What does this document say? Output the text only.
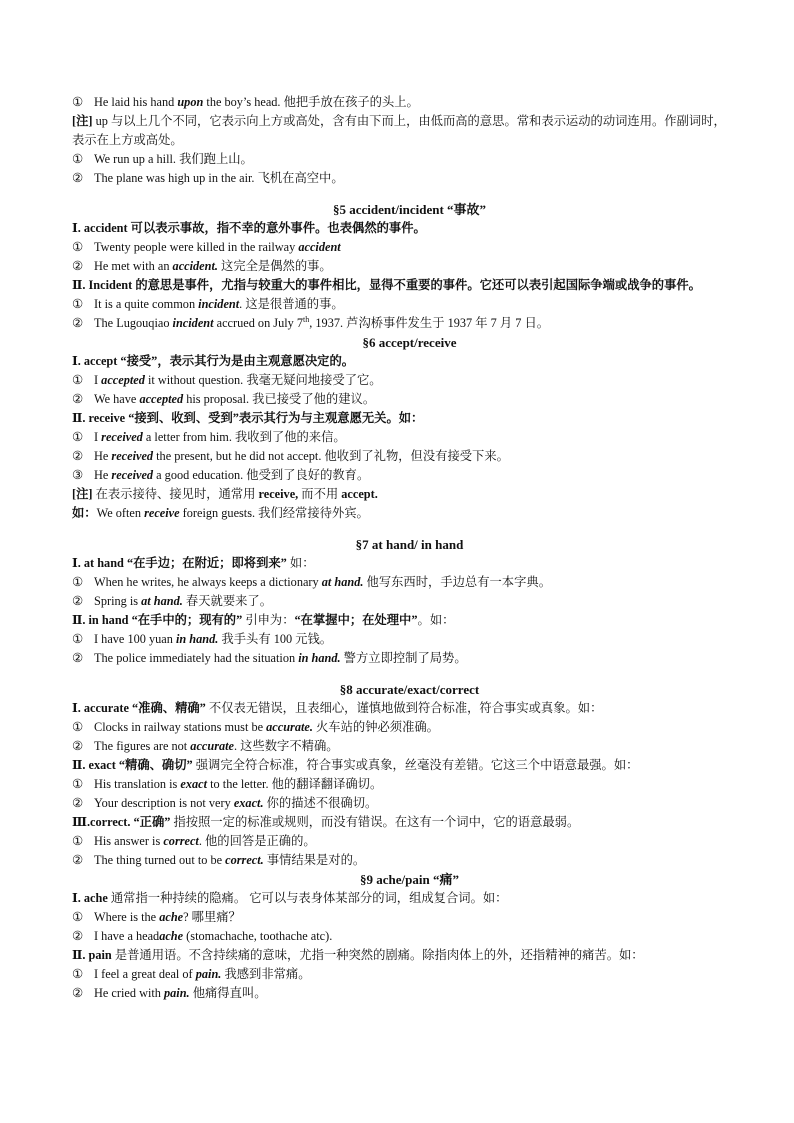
① He laid his hand upon the boy’s head. 他把手放在孩子的头上。
[注] up 与以上几个不同，它表示向上方或高处，含有由下而上，由低而高的意思。常和表示运动的动词连用。作副词时，表示在上方或高处。
① We run up a hill. 我们跑上山。
② The plane was high up in the air. 飞机在高空中。
§5 accident/incident “事故”
Ⅰ. accident 可以表示事故，指不幸的意外事件。也表偶然的事件。
① Twenty people were killed in the railway accident
② He met with an accident. 这完全是偶然的事。
Ⅱ. Incident 的意思是事件，尤指与较重大的事件相比，显得不重要的事件。它还可以表引起国际争端或战争的事件。
① It is a quite common incident. 这是很普通的事。
② The Lugouqiao incident accrued on July 7th, 1937. 芦沟桥事件发生于 1937 年 7 月 7 日。
§6 accept/receive
Ⅰ. accept “接受”，表示其行为是由主观意愿决定的。
① I accepted it without question. 我毫无疑问地接受了它。
② We have accepted his proposal. 我已接受了他的建议。
Ⅱ. receive “接到、收到、受到”表示其行为与主观意愿无关。如：
① I received a letter from him. 我收到了他的来信。
② He received the present, but he did not accept. 他收到了礼物，但没有接受下来。
③ He received a good education. 他受到了良好的教育。
[注] 在表示接待、接见时，通常用 receive, 而不用 accept.
如：We often receive foreign guests. 我们经常接待外宾。
§7 at hand/ in hand
Ⅰ. at hand “在手边；在附近；即将到来” 如：
① When he writes, he always keeps a dictionary at hand. 他写东西时，手边总有一本字典。
② Spring is at hand. 春天就要来了。
Ⅱ. in hand “在手中的；现有的” 引申为：“在掌握中；在处理中”。如：
① I have 100 yuan in hand. 我手头有 100 元钱。
② The police immediately had the situation in hand. 警方立即控制了局势。
§8 accurate/exact/correct
Ⅰ. accurate “准确、精确” 不仅表无错误，且表细心，谨慎地做到符合标准，符合事实或真象。如：
① Clocks in railway stations must be accurate. 火车站的钟必须准确。
② The figures are not accurate. 这些数字不精确。
Ⅱ. exact “精确、确切” 强调完全符合标准，符合事实或真象，丝毫没有差错。它这三个中语意最强。如：
① His translation is exact to the letter. 他的翻译翻译确切。
② Your description is not very exact. 你的描述不很确切。
Ⅲ.correct. “正确” 指按照一定的标准或规则，而没有错误。在这有一个词中，它的语意最弱。
① His answer is correct. 他的回答是正确的。
② The thing turned out to be correct. 事情结果是对的。
§9 ache/pain “痛”
Ⅰ. ache 通常指一种持续的隐痛。 它可以与表身体某部分的词，组成复合词。如：
① Where is the ache? 哪里痛？
② I have a headache (stomachache, toothache atc).
Ⅱ. pain 是普通用语。不含持续痛的意味，尤指一种突然的剧痛。除指肉体上的外，还指精神的痛苦。如：
① I feel a great deal of pain. 我感到非常痛。
② He cried with pain. 他痛得直叫。
